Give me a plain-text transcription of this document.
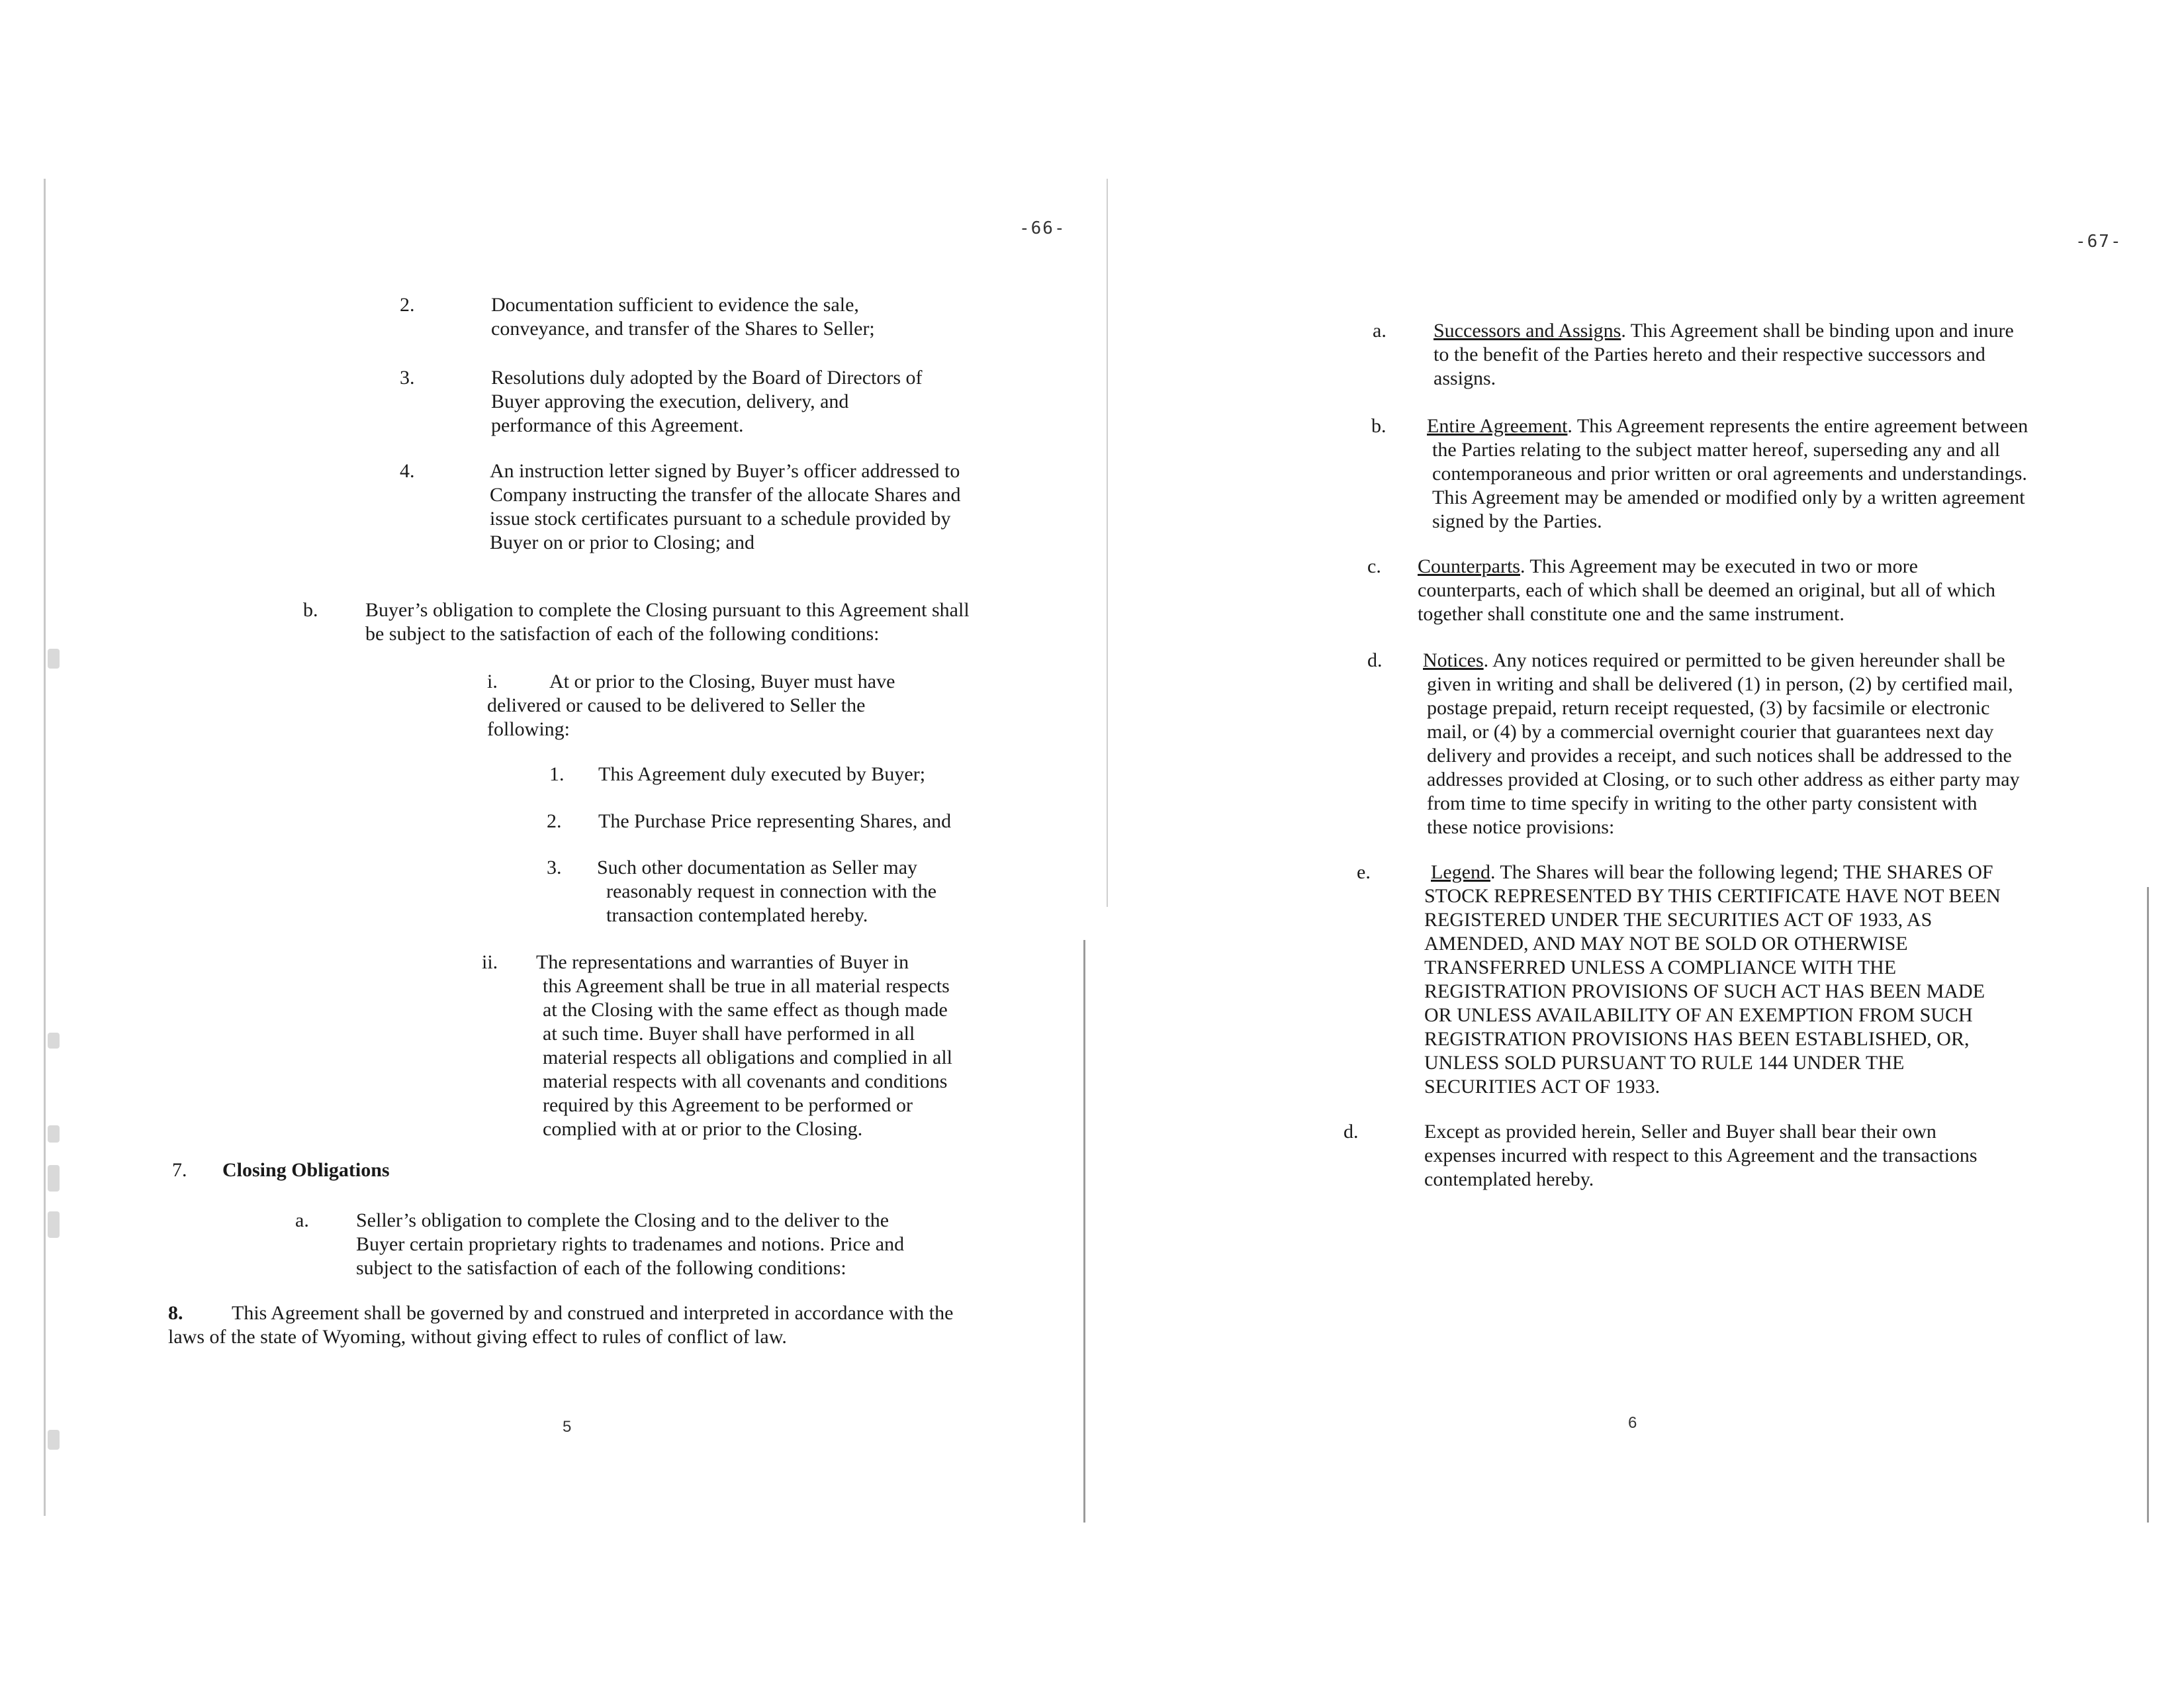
-66-
2.	Documentation sufficient to evidence the sale,
conveyance, and transfer of the Shares to Seller;
3.	Resolutions duly adopted by the Board of Directors of
Buyer approving the execution, delivery, and
performance of this Agreement.
4.	An instruction letter signed by Buyer’s officer addressed to
Company instructing the transfer of the allocate Shares and
issue stock certificates pursuant to a schedule provided by
Buyer on or prior to Closing; and
b. Buyer’s obligation to complete the Closing pursuant to this Agreement shall
be subject to the satisfaction of each of the following conditions:
i.	At or prior to the Closing, Buyer must have
delivered or caused to be delivered to Seller the
following:
1. This Agreement duly executed by Buyer;
2. The Purchase Price representing Shares, and
3. Such other documentation as Seller may
reasonably request in connection with the
transaction contemplated hereby.
ii. The representations and warranties of Buyer in
this Agreement shall be true in all material respects
at the Closing with the same effect as though made
at such time. Buyer shall have performed in all
material respects all obligations and complied in all
material respects with all covenants and conditions
required by this Agreement to be performed or
complied with at or prior to the Closing.
7. Closing Obligations
a. Seller’s obligation to complete the Closing and to the deliver to the
Buyer certain proprietary rights to tradenames and notions. Price and
subject to the satisfaction of each of the following conditions:
8. This Agreement shall be governed by and construed and interpreted in accordance with the
laws of the state of Wyoming, without giving effect to rules of conflict of law.
5
-67-
a. Successors and Assigns. This Agreement shall be binding upon and inure
to the benefit of the Parties hereto and their respective successors and
assigns.
b. Entire Agreement. This Agreement represents the entire agreement between
the Parties relating to the subject matter hereof, superseding any and all
contemporaneous and prior written or oral agreements and understandings.
This Agreement may be amended or modified only by a written agreement
signed by the Parties.
c. Counterparts. This Agreement may be executed in two or more
counterparts, each of which shall be deemed an original, but all of which
together shall constitute one and the same instrument.
d. Notices. Any notices required or permitted to be given hereunder shall be
given in writing and shall be delivered (1) in person, (2) by certified mail,
postage prepaid, return receipt requested, (3) by facsimile or electronic
mail, or (4) by a commercial overnight courier that guarantees next day
delivery and provides a receipt, and such notices shall be addressed to the
addresses provided at Closing, or to such other address as either party may
from time to time specify in writing to the other party consistent with
these notice provisions:
e.	Legend. The Shares will bear the following legend; THE SHARES OF
STOCK REPRESENTED BY THIS CERTIFICATE HAVE NOT BEEN
REGISTERED UNDER THE SECURITIES ACT OF 1933, AS
AMENDED, AND MAY NOT BE SOLD OR OTHERWISE
TRANSFERRED UNLESS A COMPLIANCE WITH THE
REGISTRATION PROVISIONS OF SUCH ACT HAS BEEN MADE
OR UNLESS AVAILABILITY OF AN EXEMPTION FROM SUCH
REGISTRATION PROVISIONS HAS BEEN ESTABLISHED, OR,
UNLESS SOLD PURSUANT TO RULE 144 UNDER THE
SECURITIES ACT OF 1933.
d.	Except as provided herein, Seller and Buyer shall bear their own
expenses incurred with respect to this Agreement and the transactions
contemplated hereby.
6
